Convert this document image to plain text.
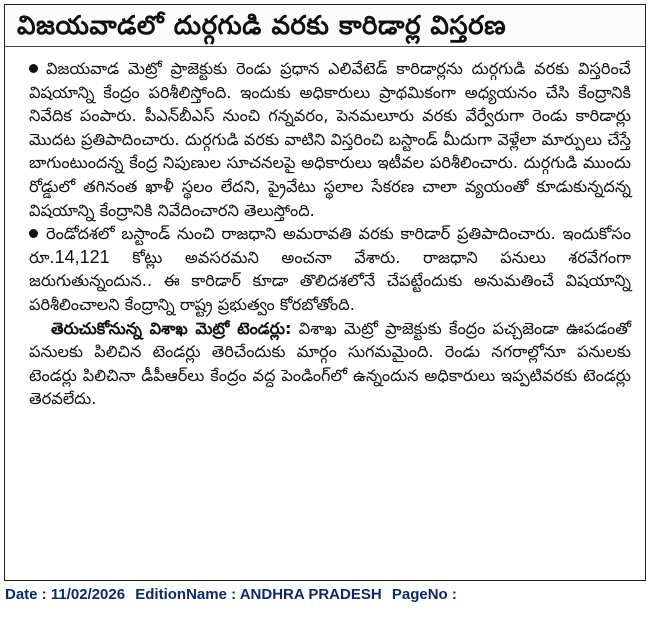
విజయవాడలో దుర్గగుడి వరకు కారిడార్ల విస్తరణ

విజయవాడ మెట్రో ప్రాజెక్టుకు రెండు ప్రధాన ఎలివేటెడ్ కారిడార్లను దుర్గగుడి వరకు విస్తరించే విషయాన్ని కేంద్రం పరిశీలిస్తోంది. ఇందుకు అధికారులు ప్రాథమికంగా అధ్యయనం చేసి కేంద్రానికి నివేదిక పంపారు. పీఎన్‌బీఎస్ నుంచి గన్నవరం, పెనమలూరు వరకు వేర్వేరుగా రెండు కారిడార్లు మొదట ప్రతిపాదించారు. దుర్గగుడి వరకు వాటిని విస్తరించి బస్టాండ్ మీదుగా వెళ్లేలా మార్పులు చేస్తే బాగుంటుందన్న కేంద్ర నిపుణుల సూచనలపై అధికారులు ఇటీవల పరిశీలించారు. దుర్గగుడి ముందు రోడ్డులో తగినంత ఖాళీ స్థలం లేదని, ప్రైవేటు స్థలాల సేకరణ చాలా వ్యయంతో కూడుకున్నదన్న విషయాన్ని కేంద్రానికి నివేదించారని తెలుస్తోంది.

రెండోదశలో బస్టాండ్ నుంచి రాజధాని అమరావతి వరకు కారిడార్ ప్రతిపాదించారు. ఇందుకోసం రూ.14,121 కోట్లు అవసరమని అంచనా వేశారు. రాజధాని పనులు శరవేగంగా జరుగుతున్నందున.. ఈ కారిడార్ కూడా తొలిదశలోనే చేపట్టేందుకు అనుమతించే విషయాన్ని పరిశీలించాలని కేంద్రాన్ని రాష్ట్ర ప్రభుత్వం కోరబోతోంది.

తెరుచుకోనున్న విశాఖ మెట్రో టెండర్లు: విశాఖ మెట్రో ప్రాజెక్టుకు కేంద్రం పచ్చజెండా ఊపడంతో పనులకు పిలిచిన టెండర్లు తెరిచేందుకు మార్గం సుగమమైంది. రెండు నగరాల్లోనూ పనులకు టెండర్లు పిలిచినా డీపీఆర్‌లు కేంద్రం వద్ద పెండింగ్‌లో ఉన్నందున అధికారులు ఇప్పటివరకు టెండర్లు తెరవలేదు.

Date : 11/02/2026 EditionName : ANDHRA PRADESH PageNo :
